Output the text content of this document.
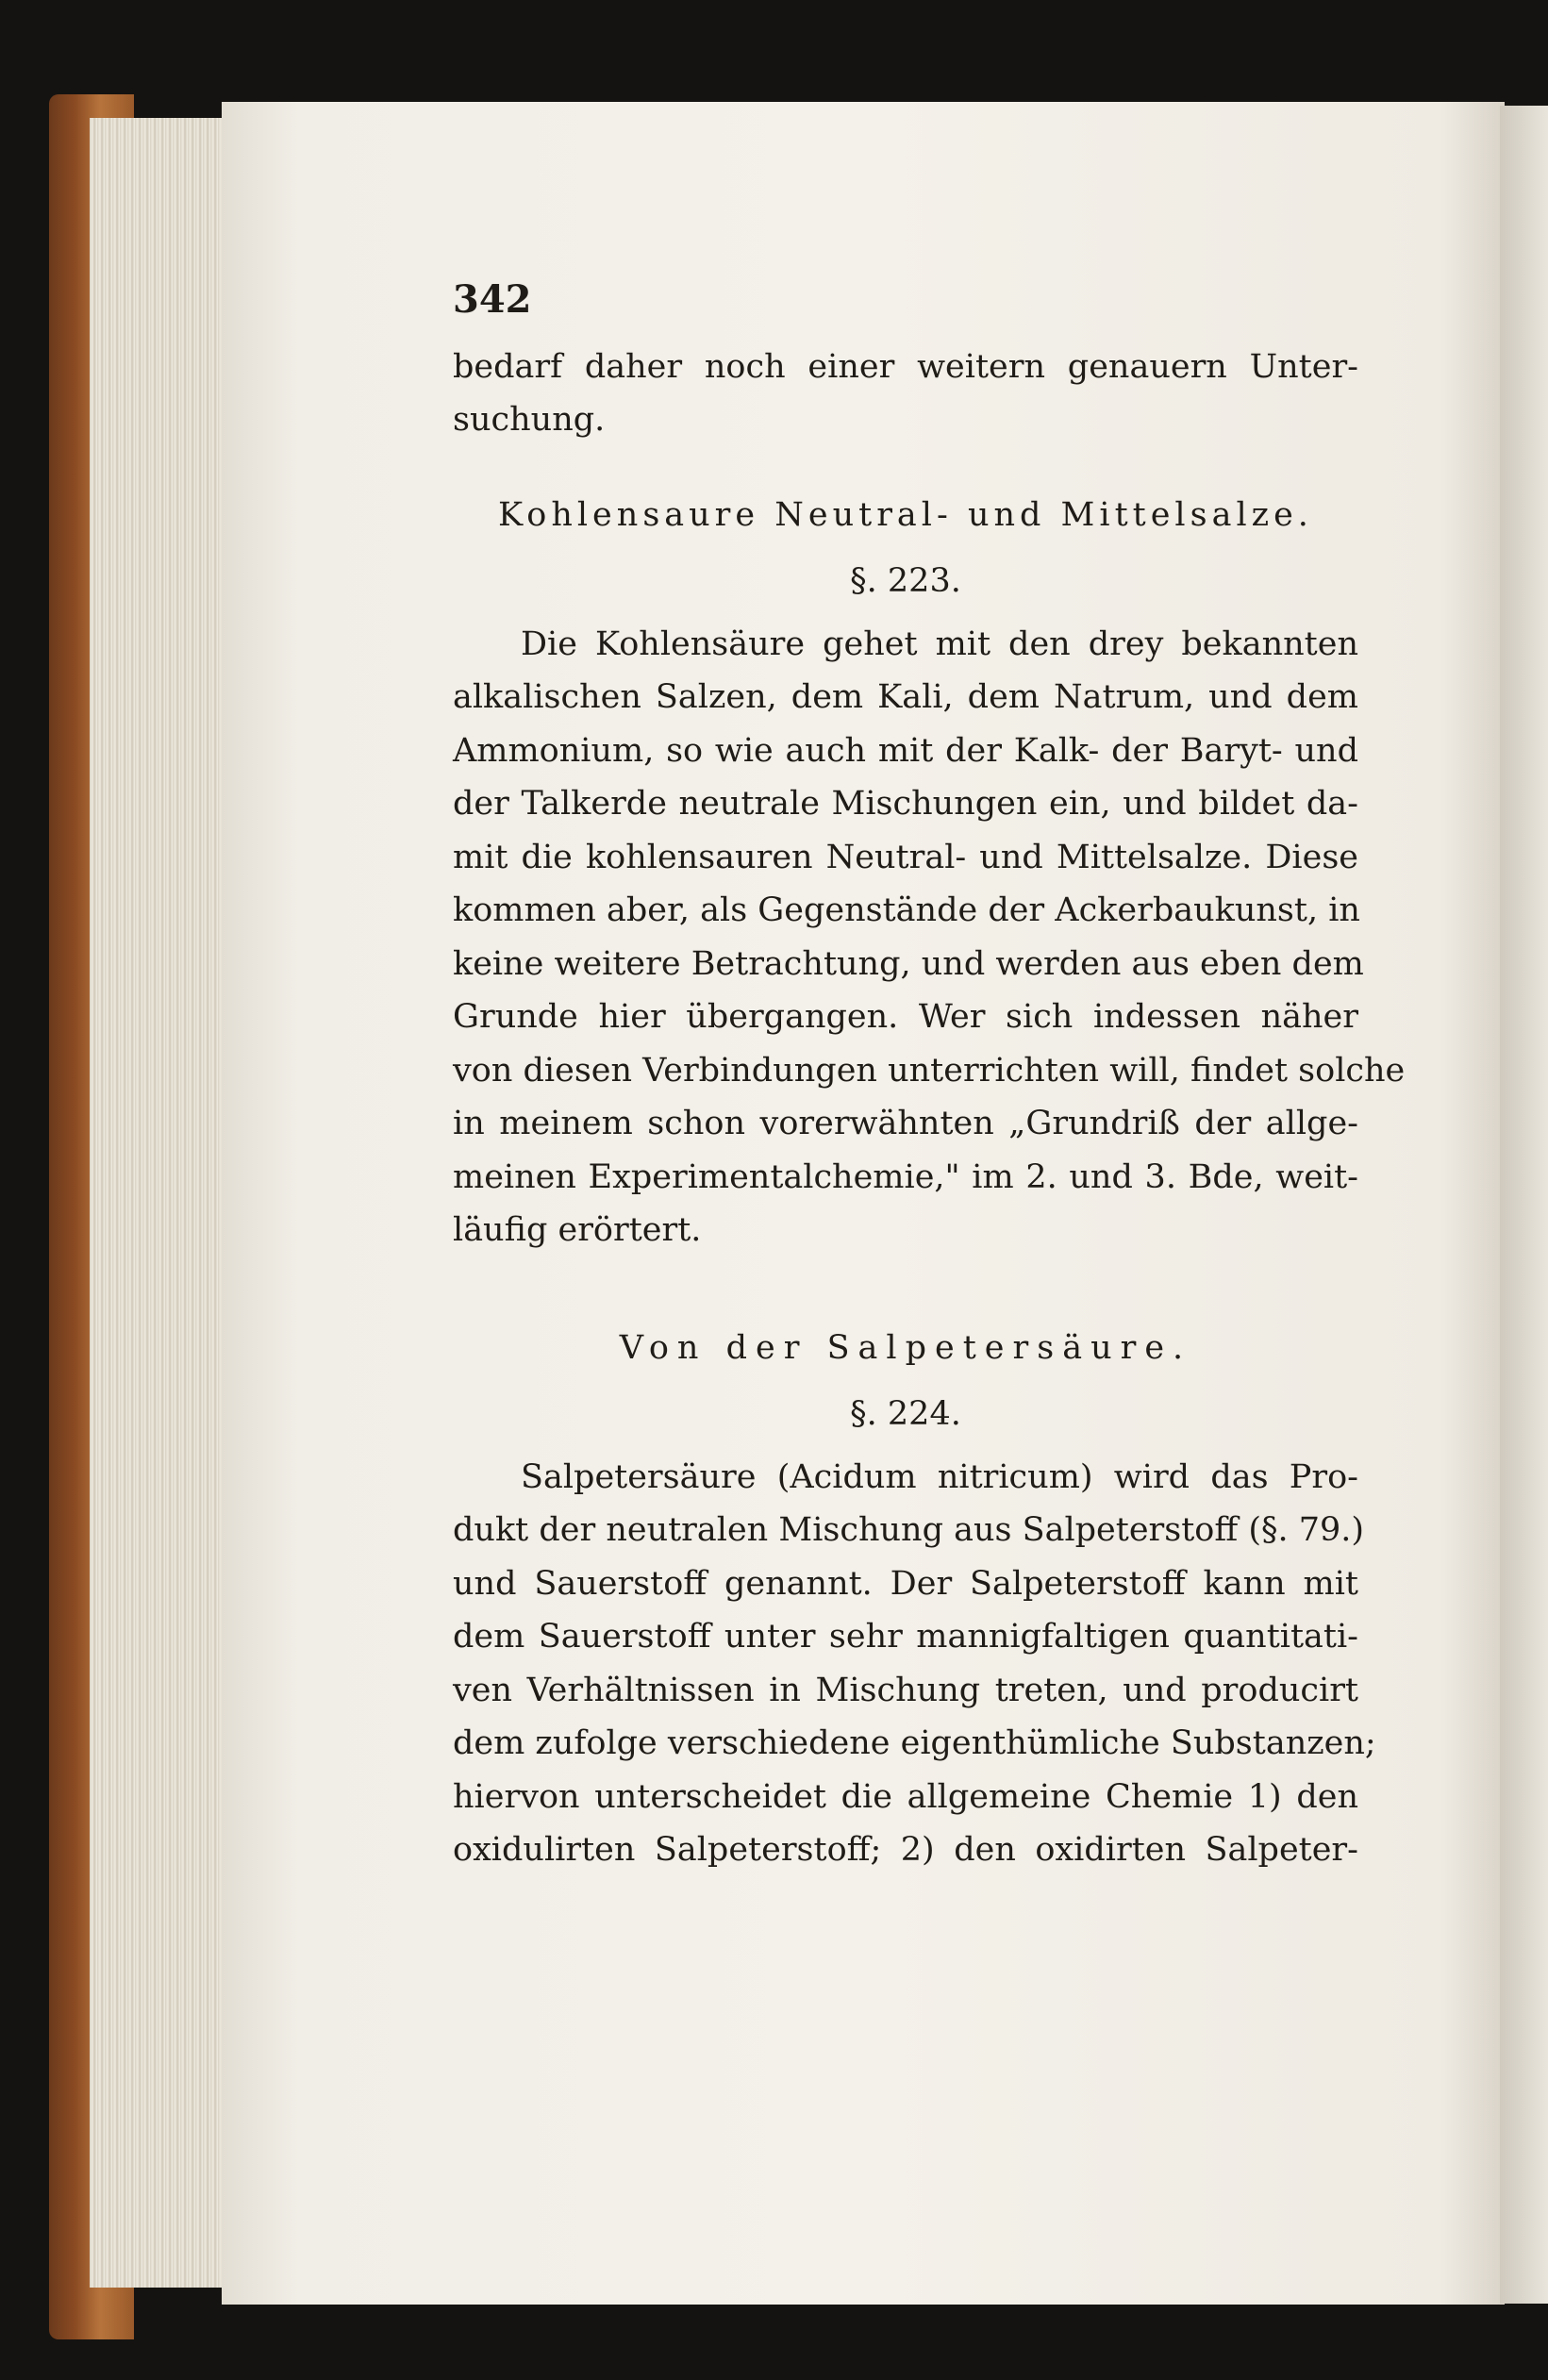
342
bedarf daher noch einer weitern genauern Unter-
suchung.
Kohlensaure Neutral- und Mittelsalze.
§. 223.
Die Kohlensäure gehet mit den drey bekannten
alkalischen Salzen, dem Kali, dem Natrum, und dem
Ammonium, so wie auch mit der Kalk- der Baryt- und
der Talkerde neutrale Mischungen ein, und bildet da-
mit die kohlensauren Neutral- und Mittelsalze. Diese
kommen aber, als Gegenstände der Ackerbaukunst, in
keine weitere Betrachtung, und werden aus eben dem
Grunde hier übergangen. Wer sich indessen näher
von diesen Verbindungen unterrichten will, findet solche
in meinem schon vorerwähnten „Grundriß der allge-
meinen Experimentalchemie," im 2. und 3. Bde, weit-
läufig erörtert.
Von der Salpetersäure.
§. 224.
Salpetersäure (Acidum nitricum) wird das Pro-
dukt der neutralen Mischung aus Salpeterstoff (§. 79.)
und Sauerstoff genannt. Der Salpeterstoff kann mit
dem Sauerstoff unter sehr mannigfaltigen quantitati-
ven Verhältnissen in Mischung treten, und producirt
dem zufolge verschiedene eigenthümliche Substanzen;
hiervon unterscheidet die allgemeine Chemie 1) den
oxidulirten Salpeterstoff; 2) den oxidirten Salpeter-
